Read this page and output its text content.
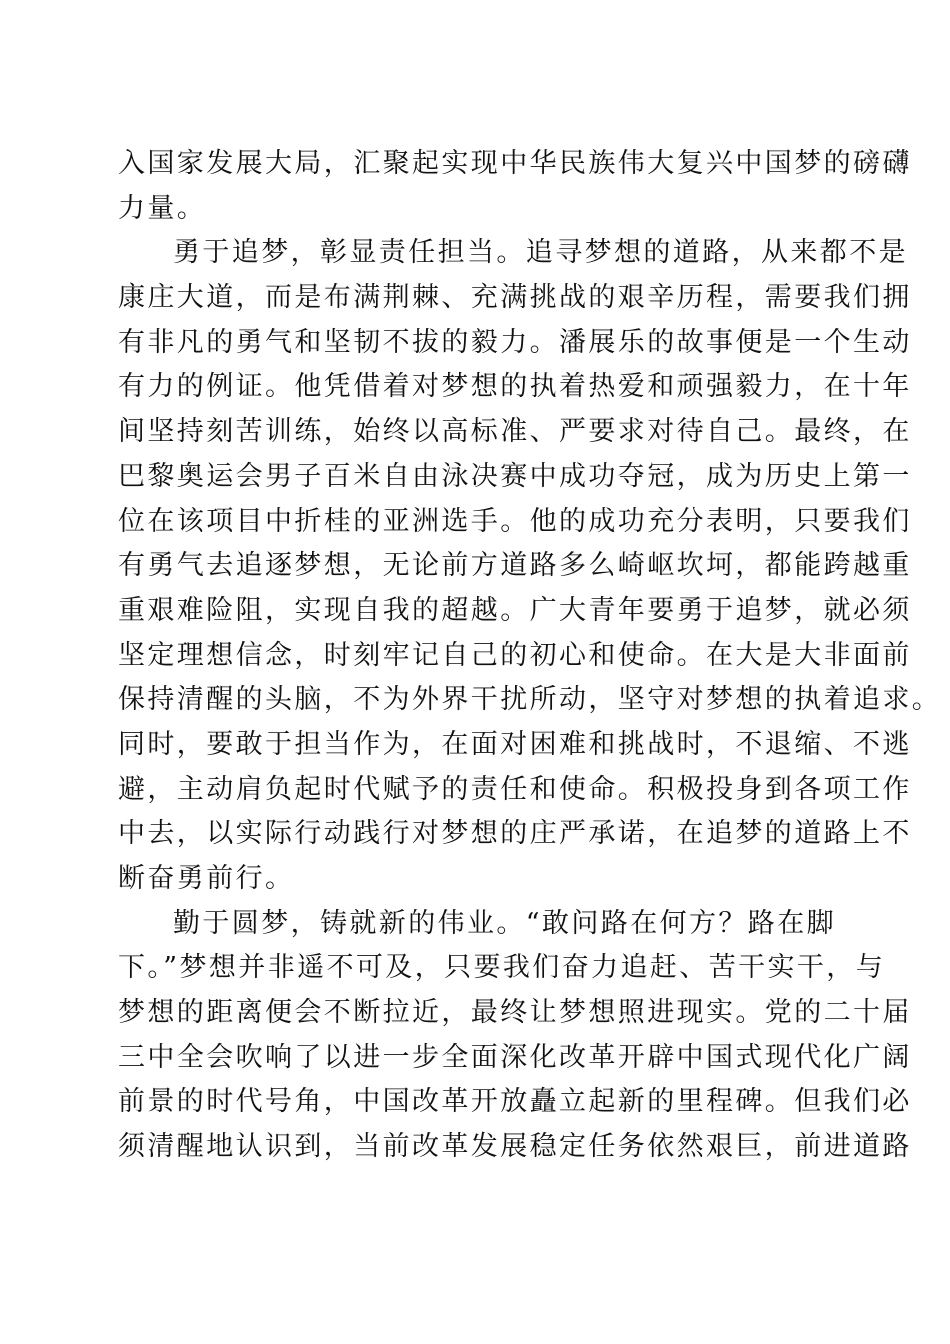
入国家发展大局，汇聚起实现中华民族伟大复兴中国梦的磅礴
力量。
勇于追梦，彰显责任担当。追寻梦想的道路，从来都不是
康庄大道，而是布满荆棘、充满挑战的艰辛历程，需要我们拥
有非凡的勇气和坚韧不拔的毅力。潘展乐的故事便是一个生动
有力的例证。他凭借着对梦想的执着热爱和顽强毅力，在十年
间坚持刻苦训练，始终以高标准、严要求对待自己。最终，在
巴黎奥运会男子百米自由泳决赛中成功夺冠，成为历史上第一
位在该项目中折桂的亚洲选手。他的成功充分表明，只要我们
有勇气去追逐梦想，无论前方道路多么崎岖坎坷，都能跨越重
重艰难险阻，实现自我的超越。广大青年要勇于追梦，就必须
坚定理想信念，时刻牢记自己的初心和使命。在大是大非面前
保持清醒的头脑，不为外界干扰所动，坚守对梦想的执着追求。
同时，要敢于担当作为，在面对困难和挑战时，不退缩、不逃
避，主动肩负起时代赋予的责任和使命。积极投身到各项工作
中去，以实际行动践行对梦想的庄严承诺，在追梦的道路上不
断奋勇前行。
勤于圆梦，铸就新的伟业。“敢问路在何方？路在脚
下。”梦想并非遥不可及，只要我们奋力追赶、苦干实干，与
梦想的距离便会不断拉近，最终让梦想照进现实。党的二十届
三中全会吹响了以进一步全面深化改革开辟中国式现代化广阔
前景的时代号角，中国改革开放矗立起新的里程碑。但我们必
须清醒地认识到，当前改革发展稳定任务依然艰巨，前进道路
